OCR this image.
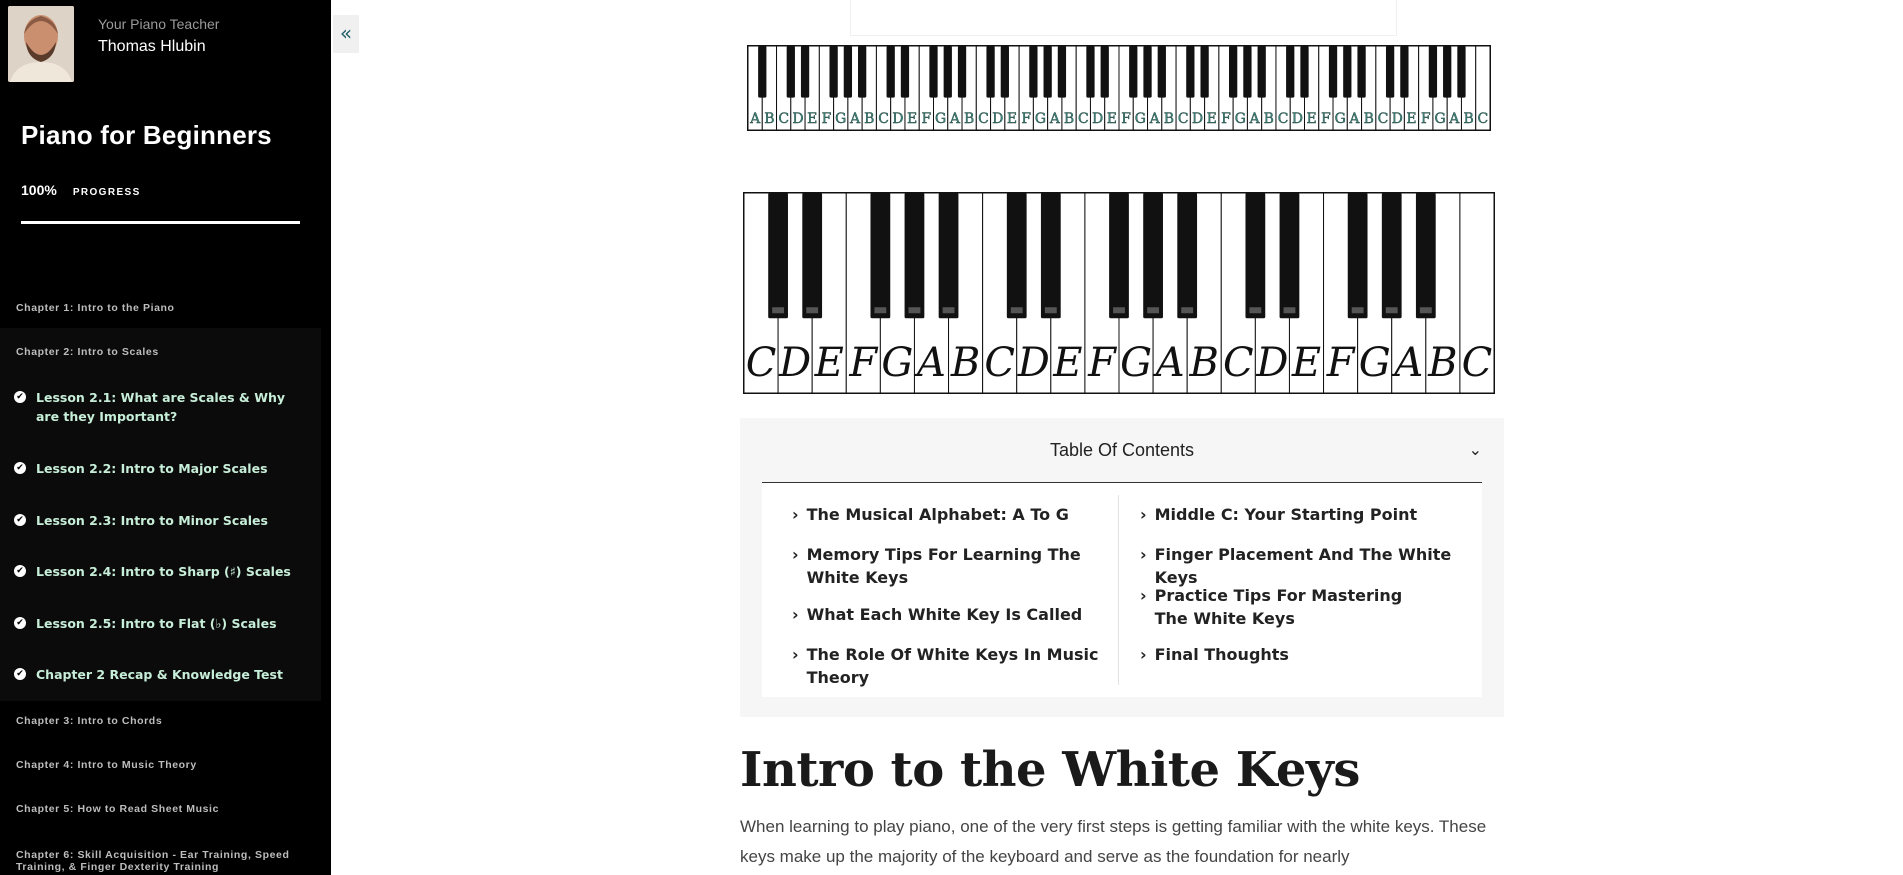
Your Piano Teacher
Thomas Hlubin
Piano for Beginners
100% PROGRESS
Chapter 1: Intro to the Piano
Chapter 2: Intro to Scales
✔ Lesson 2.1: What are Scales & Why are they Important?
✔ Lesson 2.2: Intro to Major Scales
✔ Lesson 2.3: Intro to Minor Scales
✔ Lesson 2.4: Intro to Sharp (♯) Scales
✔ Lesson 2.5: Intro to Flat (♭) Scales
✔ Chapter 2 Recap & Knowledge Test
Chapter 3: Intro to Chords
Chapter 4: Intro to Music Theory
Chapter 5: How to Read Sheet Music
Chapter 6: Skill Acquisition - Ear Training, Speed Training, & Finger Dexterity Training
«
A B C D E F G A B C D E F G A B C D E F G A B C D E F G A B C D E F G A B C D E F G A B C D E F G A B C
C D E F G A B C D E F G A B C D E F G A B C
Table Of Contents	⌄
› The Musical Alphabet: A To G
› Memory Tips For Learning The White Keys
› What Each White Key Is Called
› The Role Of White Keys In Music Theory
› Middle C: Your Starting Point
› Finger Placement And The White Keys
› Practice Tips For Mastering The White Keys
› Final Thoughts
Intro to the White Keys
When learning to play piano, one of the very first steps is getting familiar with the white keys. These keys make up the majority of the keyboard and serve as the foundation for nearly
